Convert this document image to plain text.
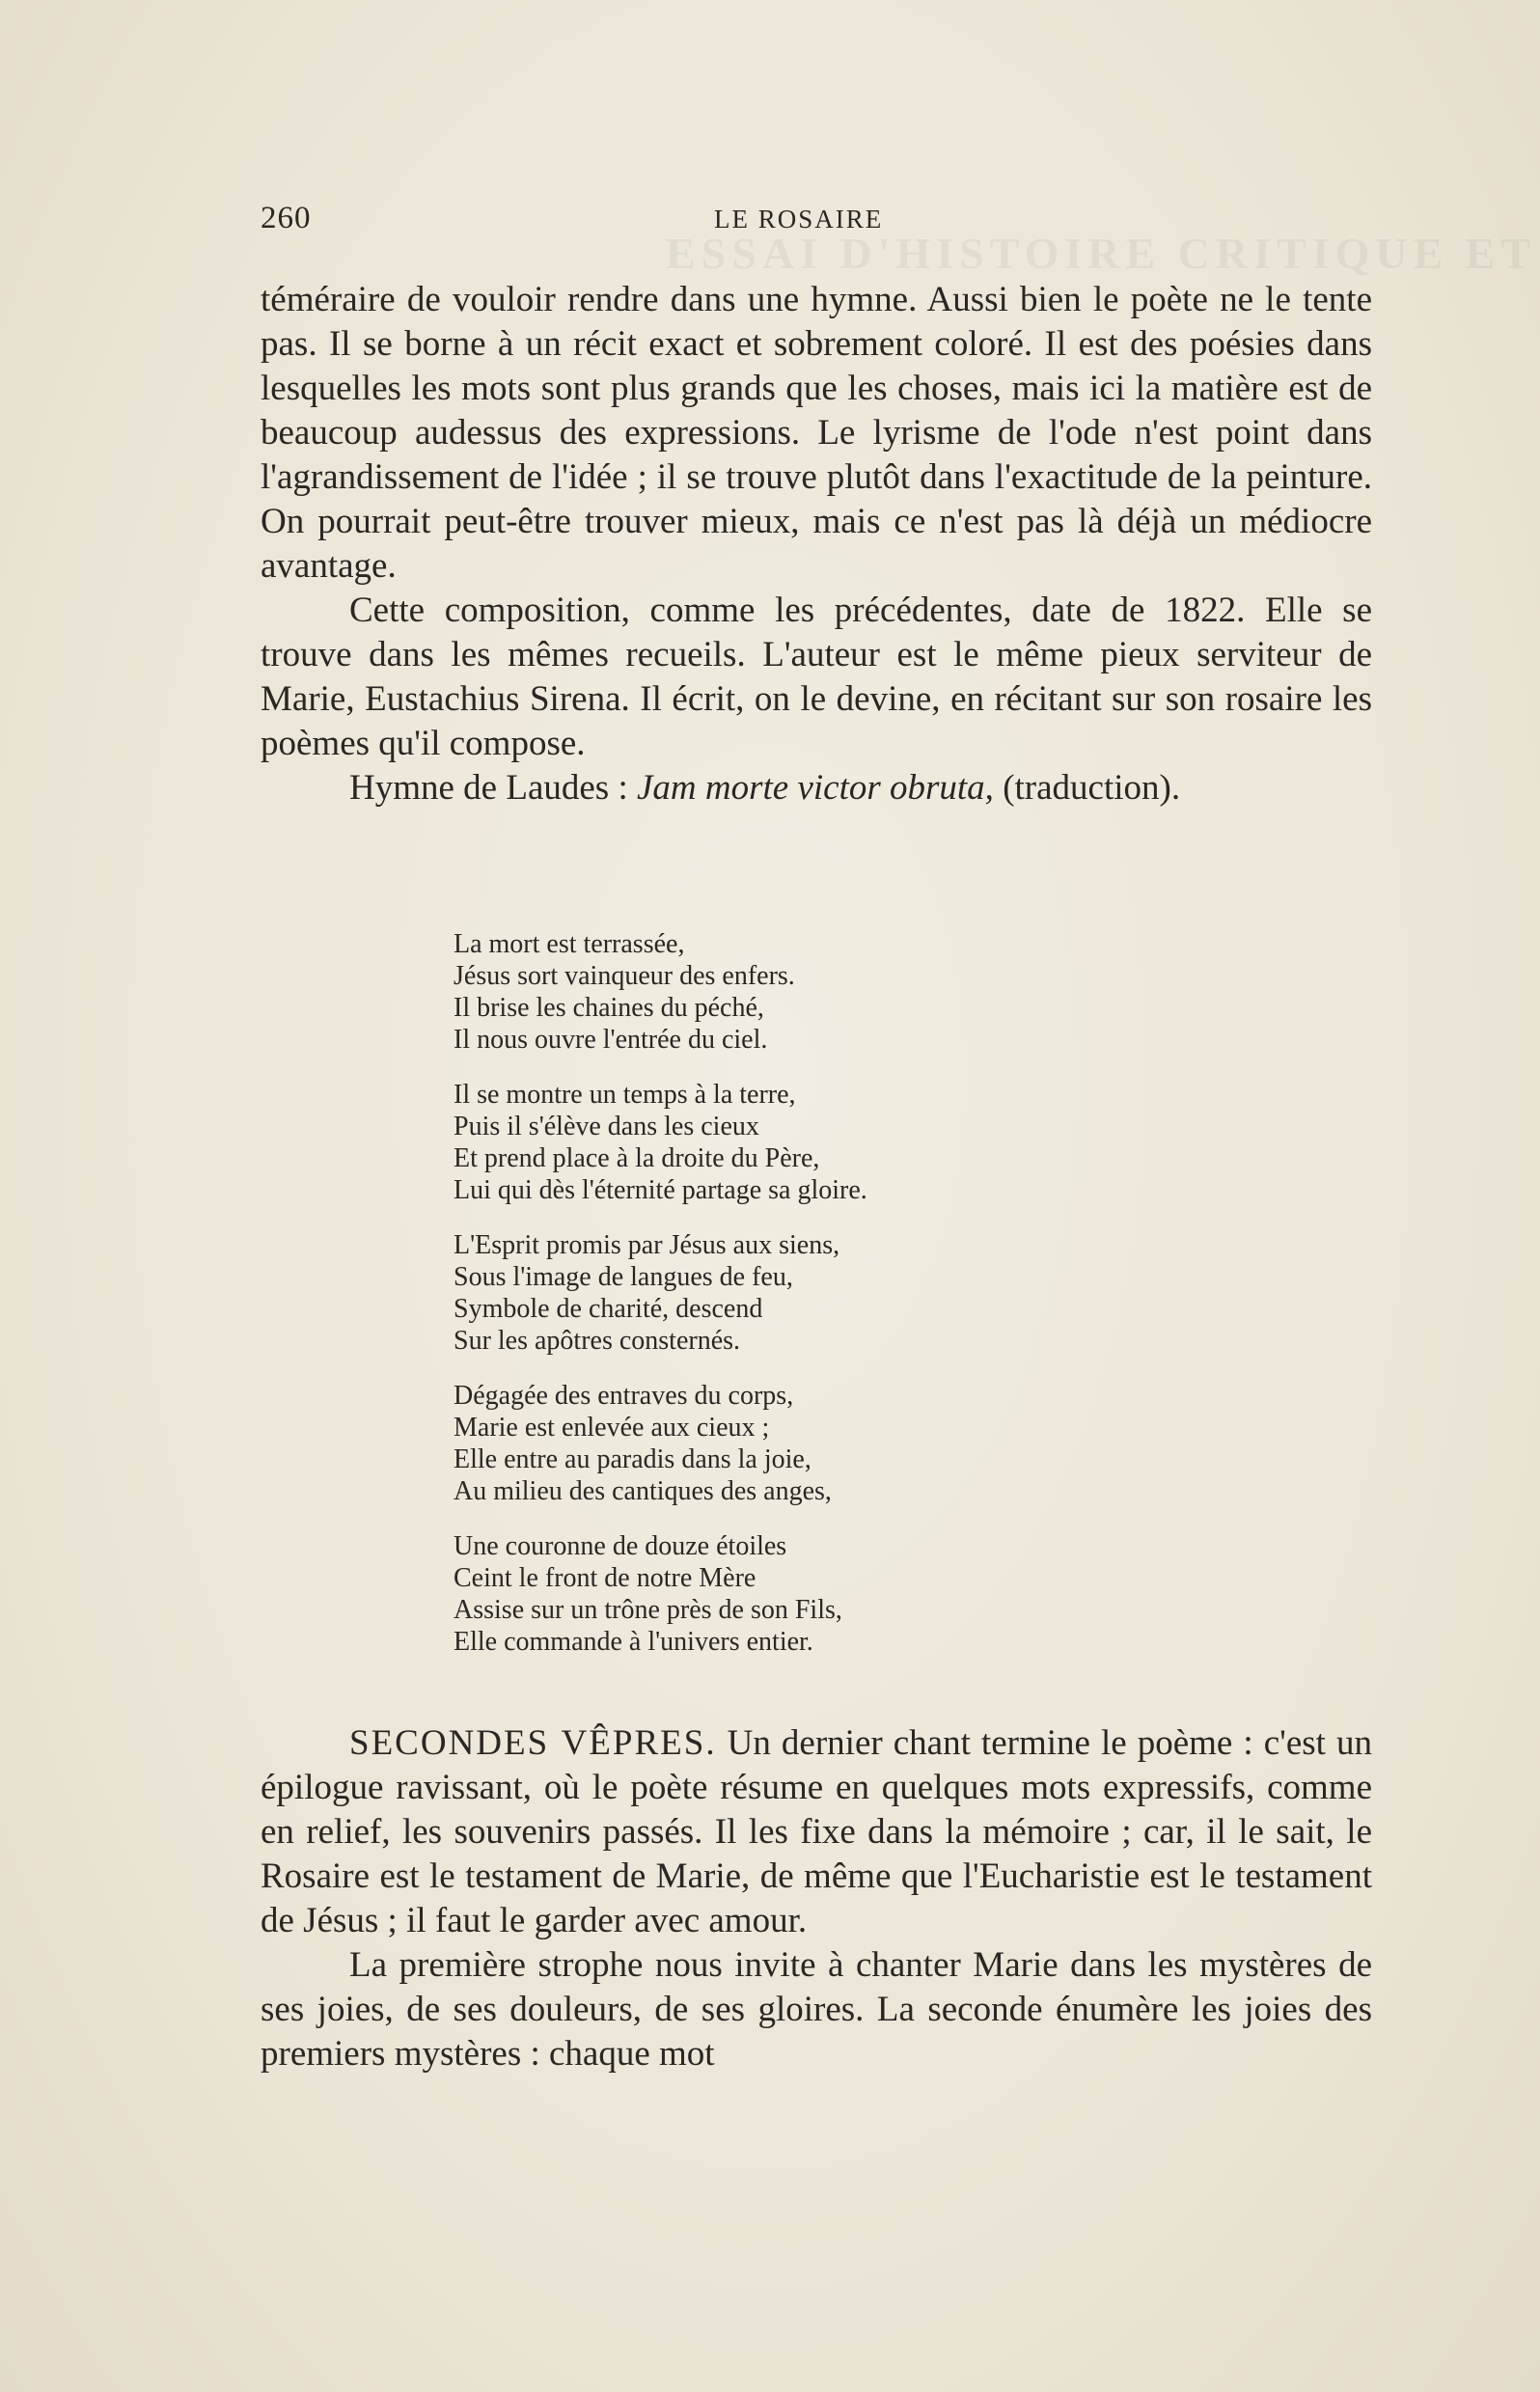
260	LE ROSAIRE

téméraire de vouloir rendre dans une hymne. Aussi bien le poète ne le tente pas. Il se borne à un récit exact et sobrement coloré. Il est des poésies dans lesquelles les mots sont plus grands que les choses, mais ici la matière est de beaucoup audessus des expressions. Le lyrisme de l'ode n'est point dans l'agrandissement de l'idée ; il se trouve plutôt dans l'exactitude de la peinture. On pourrait peut-être trouver mieux, mais ce n'est pas là déjà un médiocre avantage.

Cette composition, comme les précédentes, date de 1822. Elle se trouve dans les mêmes recueils. L'auteur est le même pieux serviteur de Marie, Eustachius Sirena. Il écrit, on le devine, en récitant sur son rosaire les poèmes qu'il compose.

Hymne de Laudes : Jam morte victor obruta, (traduction).

La mort est terrassée,
Jésus sort vainqueur des enfers.
Il brise les chaines du péché,
Il nous ouvre l'entrée du ciel.
Il se montre un temps à la terre,
Puis il s'élève dans les cieux
Et prend place à la droite du Père,
Lui qui dès l'éternité partage sa gloire.
L'Esprit promis par Jésus aux siens,
Sous l'image de langues de feu,
Symbole de charité, descend
Sur les apôtres consternés.
Dégagée des entraves du corps,
Marie est enlevée aux cieux ;
Elle entre au paradis dans la joie,
Au milieu des cantiques des anges,
Une couronne de douze étoiles
Ceint le front de notre Mère
Assise sur un trône près de son Fils,
Elle commande à l'univers entier.

SECONDES VÊPRES. Un dernier chant termine le poème : c'est un épilogue ravissant, où le poète résume en quelques mots expressifs, comme en relief, les souvenirs passés. Il les fixe dans la mémoire ; car, il le sait, le Rosaire est le testament de Marie, de même que l'Eucharistie est le testament de Jésus ; il faut le garder avec amour.

La première strophe nous invite à chanter Marie dans les mystères de ses joies, de ses douleurs, de ses gloires. La seconde énumère les joies des premiers mystères : chaque mot
